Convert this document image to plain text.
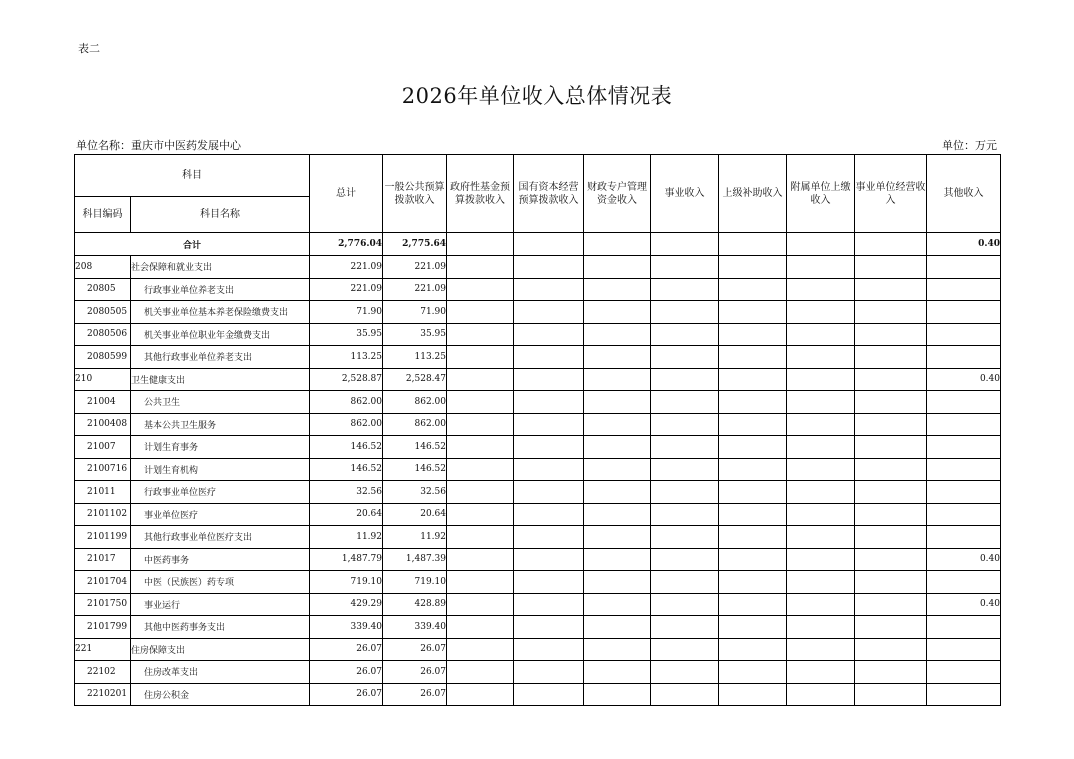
表二
2026年单位收入总体情况表
单位名称：重庆市中医药发展中心	单位：万元
科目		总计	一般公共预算拨款收入	政府性基金预算拨款收入	国有资本经营预算拨款收入	财政专户管理资金收入	事业收入	上级补助收入	附属单位上缴收入	事业单位经营收入	其他收入
科目编码	科目名称										
合计		2,776.04	2,775.64								0.40
208	社会保障和就业支出	221.09	221.09								
20805	行政事业单位养老支出	221.09	221.09								
2080505	机关事业单位基本养老保险缴费支出	71.90	71.90								
2080506	机关事业单位职业年金缴费支出	35.95	35.95								
2080599	其他行政事业单位养老支出	113.25	113.25								
210	卫生健康支出	2,528.87	2,528.47								0.40
21004	公共卫生	862.00	862.00								
2100408	基本公共卫生服务	862.00	862.00								
21007	计划生育事务	146.52	146.52								
2100716	计划生育机构	146.52	146.52								
21011	行政事业单位医疗	32.56	32.56								
2101102	事业单位医疗	20.64	20.64								
2101199	其他行政事业单位医疗支出	11.92	11.92								
21017	中医药事务	1,487.79	1,487.39								0.40
2101704	中医（民族医）药专项	719.10	719.10								
2101750	事业运行	429.29	428.89								0.40
2101799	其他中医药事务支出	339.40	339.40								
221	住房保障支出	26.07	26.07								
22102	住房改革支出	26.07	26.07								
2210201	住房公积金	26.07	26.07								
